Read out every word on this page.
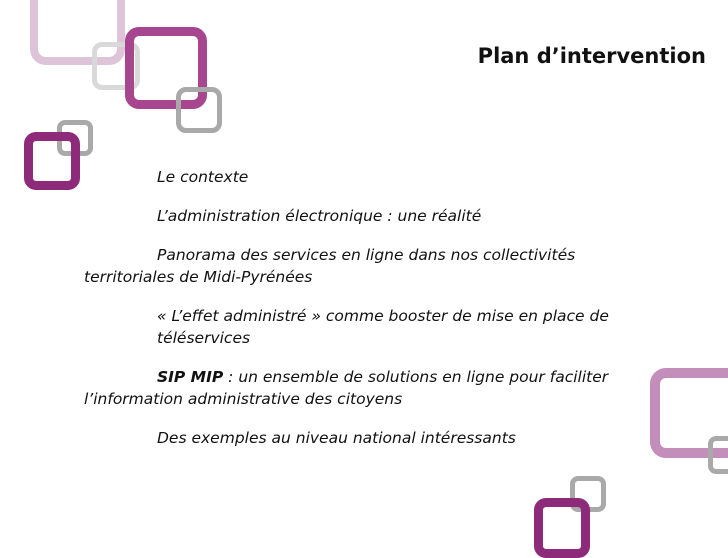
Plan d’intervention

Le contexte

L’administration électronique : une réalité

Panorama des services en ligne dans nos collectivités
territoriales de Midi-Pyrénées

« L’effet administré » comme booster de mise en place de
téléservices

SIP MIP : un ensemble de solutions en ligne pour faciliter
l’information administrative des citoyens

Des exemples au niveau national intéressants
